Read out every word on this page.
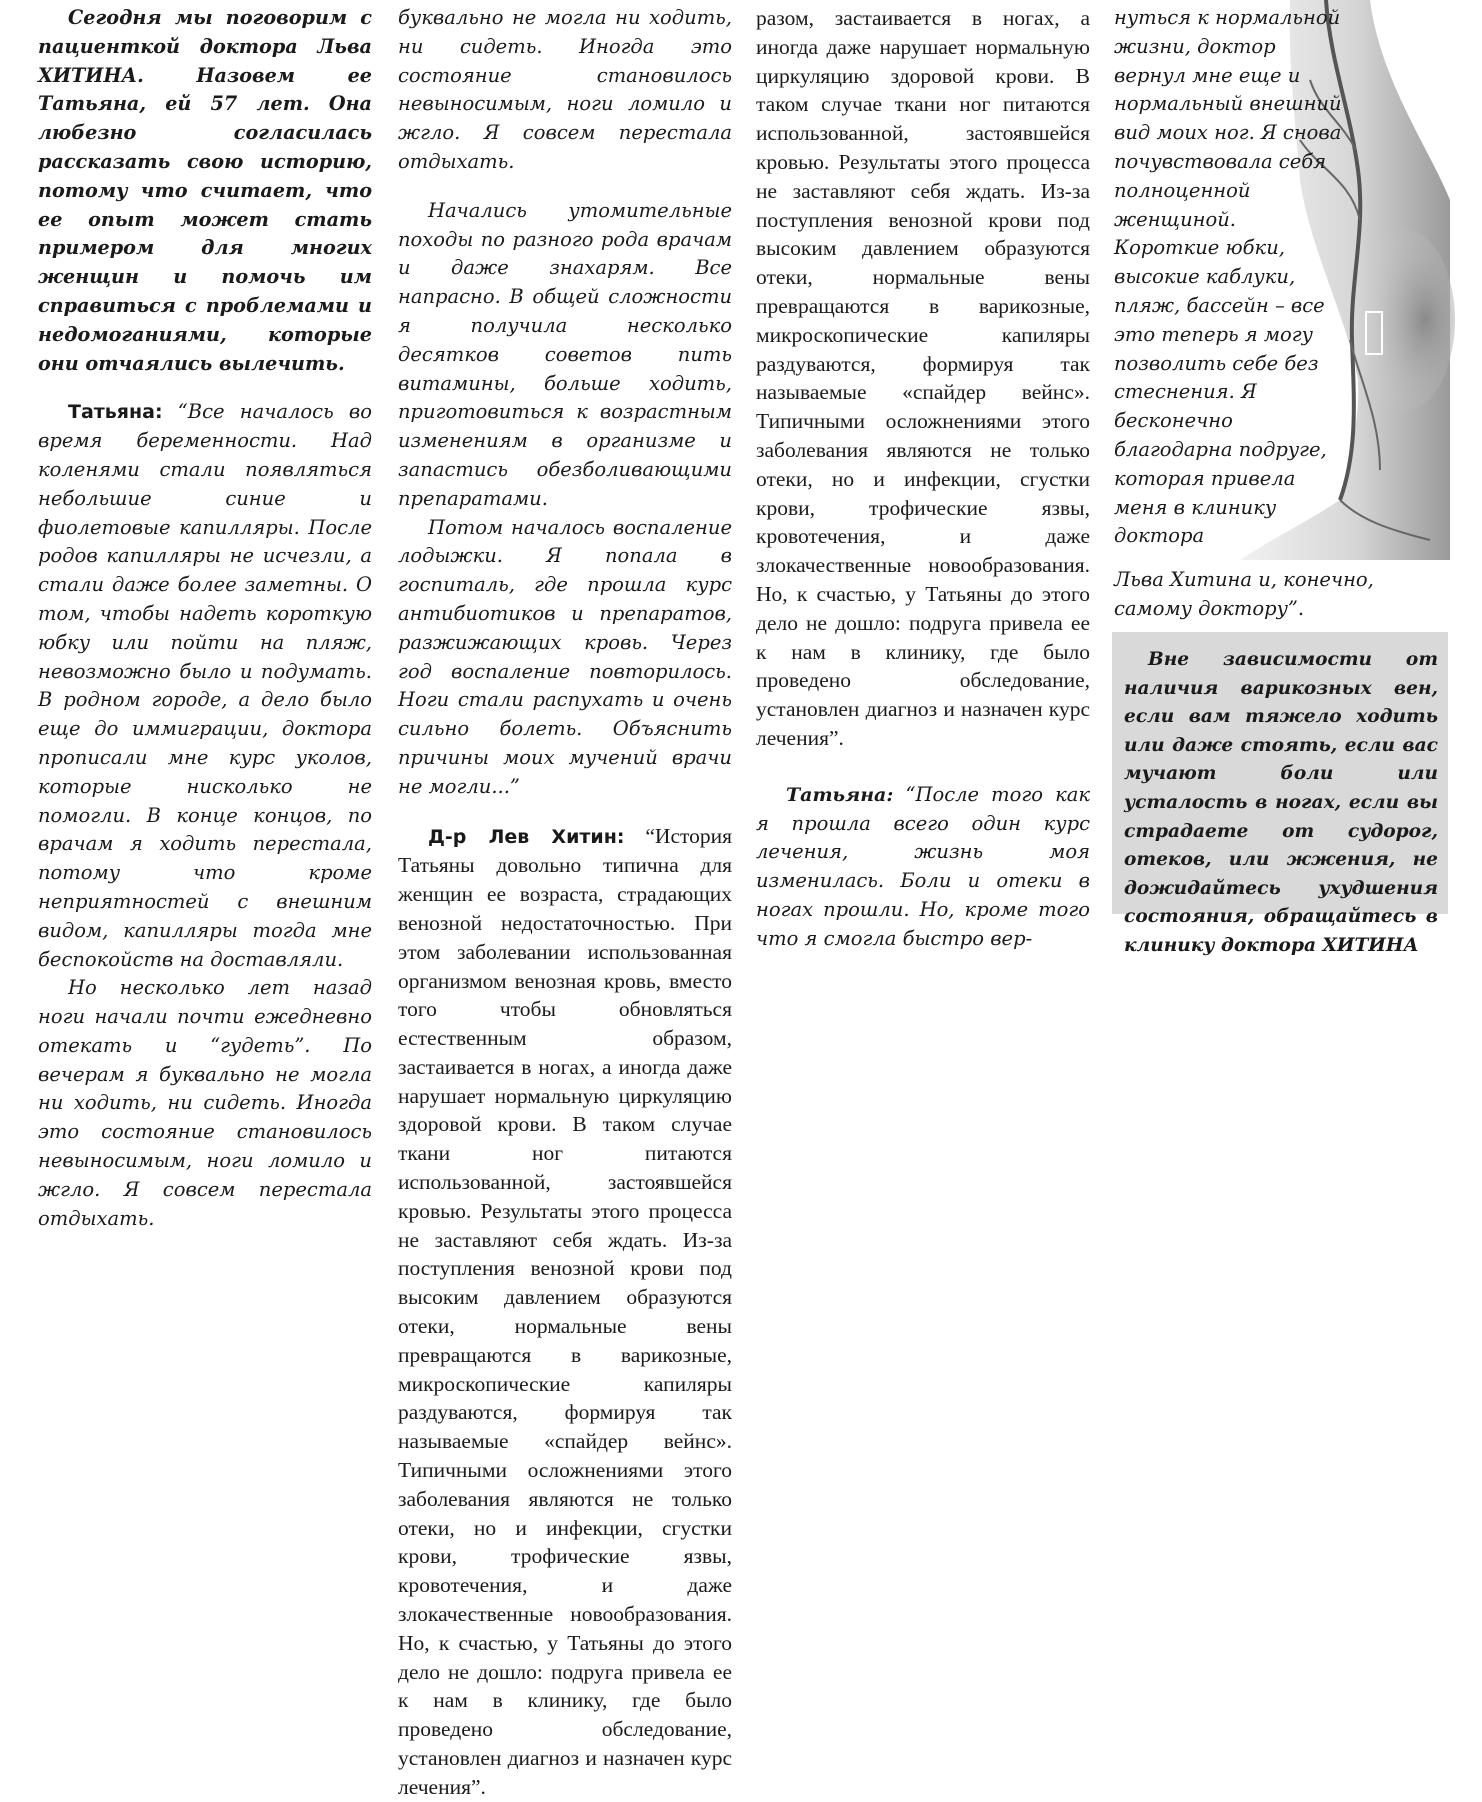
Сегодня мы поговорим с пациенткой доктора Льва ХИТИНА. Назовем ее Татьяна, ей 57 лет. Она любезно согласилась рассказать свою историю, потому что считает, что ее опыт может стать примером для многих женщин и помочь им справиться с проблемами и недомоганиями, которые они отчаялись вылечить.

Татьяна: “Все началось во время беременности. Над коленями стали появляться небольшие синие и фиолетовые капилляры. После родов капилляры не исчезли, а стали даже более заметны. О том, чтобы надеть короткую юбку или пойти на пляж, невозможно было и подумать. В родном городе, а дело было еще до иммиграции, доктора прописали мне курс уколов, которые нисколько не помогли. В конце концов, по врачам я ходить перестала, потому что кроме неприятностей с внешним видом, капилляры тогда мне беспокойств на доставляли.

Но несколько лет назад ноги начали почти ежедневно отекать и “гудеть”. По вечерам я буквально не могла ни ходить, ни сидеть. Иногда это состояние становилось невыносимым, ноги ломило и жгло. Я совсем перестала отдыхать.

буквально не могла ни ходить, ни сидеть. Иногда это состояние становилось невыносимым, ноги ломило и жгло. Я совсем перестала отдыхать.

Начались утомительные походы по разного рода врачам и даже знахарям. Все напрасно. В общей сложности я получила несколько десятков советов пить витамины, больше ходить, приготовиться к возрастным изменениям в организме и запастись обезболивающими препаратами.

Потом началось воспаление лодыжки. Я попала в госпиталь, где прошла курс антибиотиков и препаратов, разжижающих кровь. Через год воспаление повторилось. Ноги стали распухать и очень сильно болеть. Объяснить причины моих мучений врачи не могли...”

Д-р Лев Хитин: “История Татьяны довольно типична для женщин ее возраста, страдающих венозной недостаточностью. При этом заболевании использованная организмом венозная кровь, вместо того чтобы обновляться естественным образом, застаивается в ногах, а иногда даже нарушает нормальную циркуляцию здоровой крови. В таком случае ткани ног питаются использованной, застоявшейся кровью. Результаты этого процесса не заставляют себя ждать. Из-за поступления венозной крови под высоким давлением образуются отеки, нормальные вены превращаются в варикозные, микроскопические капиляры раздуваются, формируя так называемые «спайдер вейнс». Типичными осложнениями этого заболевания являются не только отеки, но и инфекции, сгустки крови, трофические язвы, кровотечения, и даже злокачественные новообразования. Но, к счастью, у Татьяны до этого дело не дошло: подруга привела ее к нам в клинику, где было проведено обследование, установлен диагноз и назначен курс лечения”.

разом, застаивается в ногах, а иногда даже нарушает нормальную циркуляцию здоровой крови. В таком случае ткани ног питаются использованной, застоявшейся кровью. Результаты этого процесса не заставляют себя ждать. Из-за поступления венозной крови под высоким давлением образуются отеки, нормальные вены превращаются в варикозные, микроскопические капиляры раздуваются, формируя так называемые «спайдер вейнс». Типичными осложнениями этого заболевания являются не только отеки, но и инфекции, сгустки крови, трофические язвы, кровотечения, и даже злокачественные новообразования. Но, к счастью, у Татьяны до этого дело не дошло: подруга привела ее к нам в клинику, где было проведено обследование, установлен диагноз и назначен курс лечения”.

Татьяна: “После того как я прошла всего один курс лечения, жизнь моя изменилась. Боли и отеки в ногах прошли. Но, кроме того что я смогла быстро вер-

нуться к нормальной жизни, доктор вернул мне еще и нормальный внешний вид моих ног. Я снова почувствовала себя полноценной женщиной. Короткие юбки, высокие каблуки, пляж, бассейн – все это теперь я могу позволить себе без стеснения. Я бесконечно благодарна подруге, которая привела меня в клинику доктора

Льва Хитина и, конечно, самому доктору”.

Вне зависимости от наличия варикозных вен, если вам тяжело ходить или даже стоять, если вас мучают боли или усталость в ногах, если вы страдаете от судорог, отеков, или жжения, не дожидайтесь ухудшения состояния, обращайтесь в клинику доктора ХИТИНА
